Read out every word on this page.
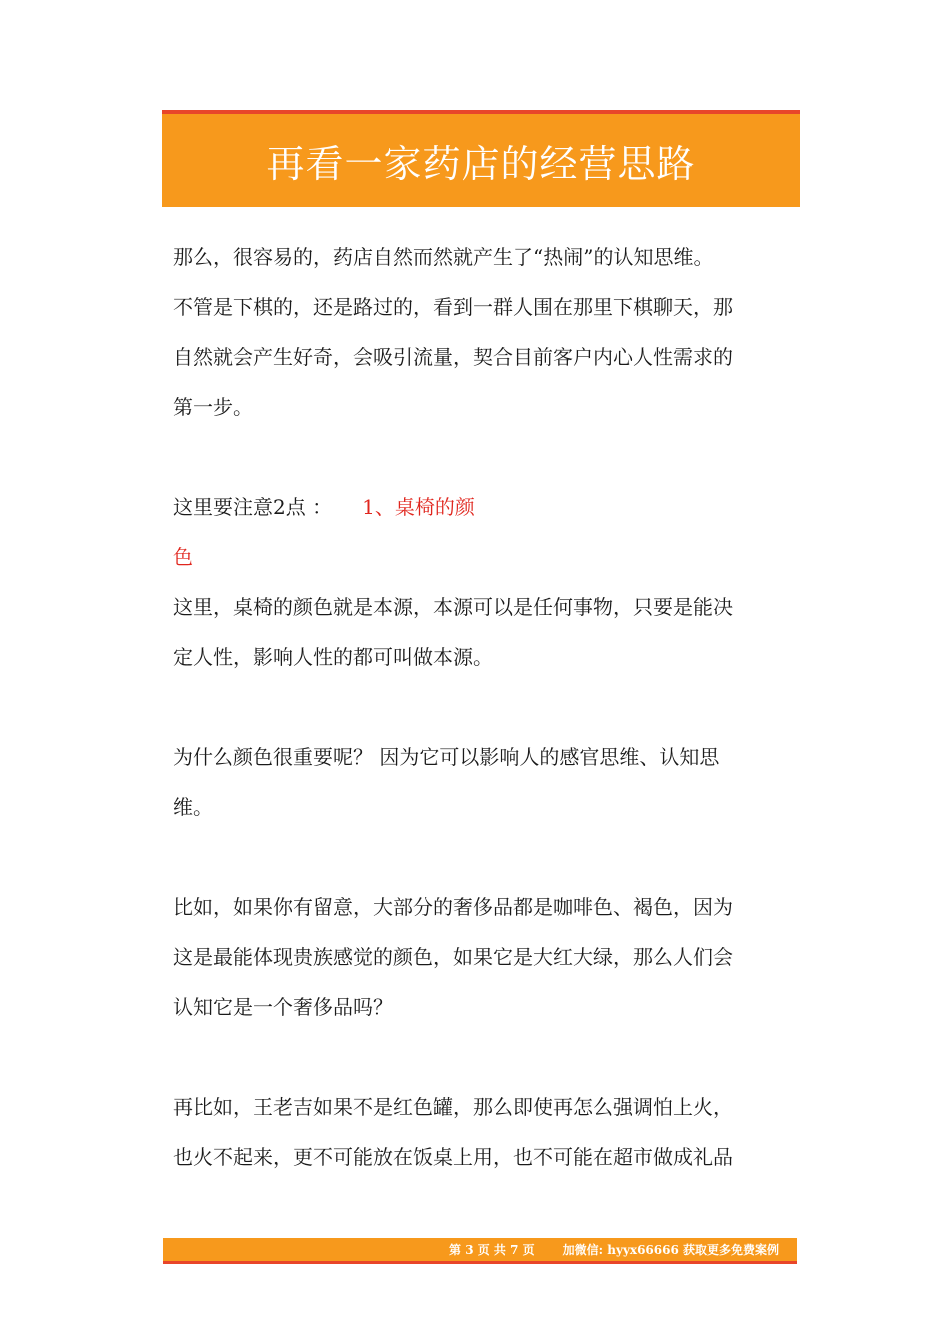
再看一家药店的经营思路
那么，很容易的，药店自然而然就产生了“热闹”的认知思维。
不管是下棋的，还是路过的，看到一群人围在那里下棋聊天，那
自然就会产生好奇，会吸引流量，契合目前客户内心人性需求的
第一步。
这里要注意2点 ： 1、桌椅的颜
色
这里，桌椅的颜色就是本源，本源可以是任何事物，只要是能决
定人性，影响人性的都可叫做本源。
为什么颜色很重要呢？ 因为它可以影响人的感官思维、认知思
维。
比如，如果你有留意，大部分的奢侈品都是咖啡色、褐色，因为
这是最能体现贵族感觉的颜色，如果它是大红大绿，那么人们会
认知它是一个奢侈品吗？
再比如，王老吉如果不是红色罐，那么即使再怎么强调怕上火，
也火不起来，更不可能放在饭桌上用，也不可能在超市做成礼品
第 3 页 共 7 页 加微信: hyyx66666 获取更多免费案例
